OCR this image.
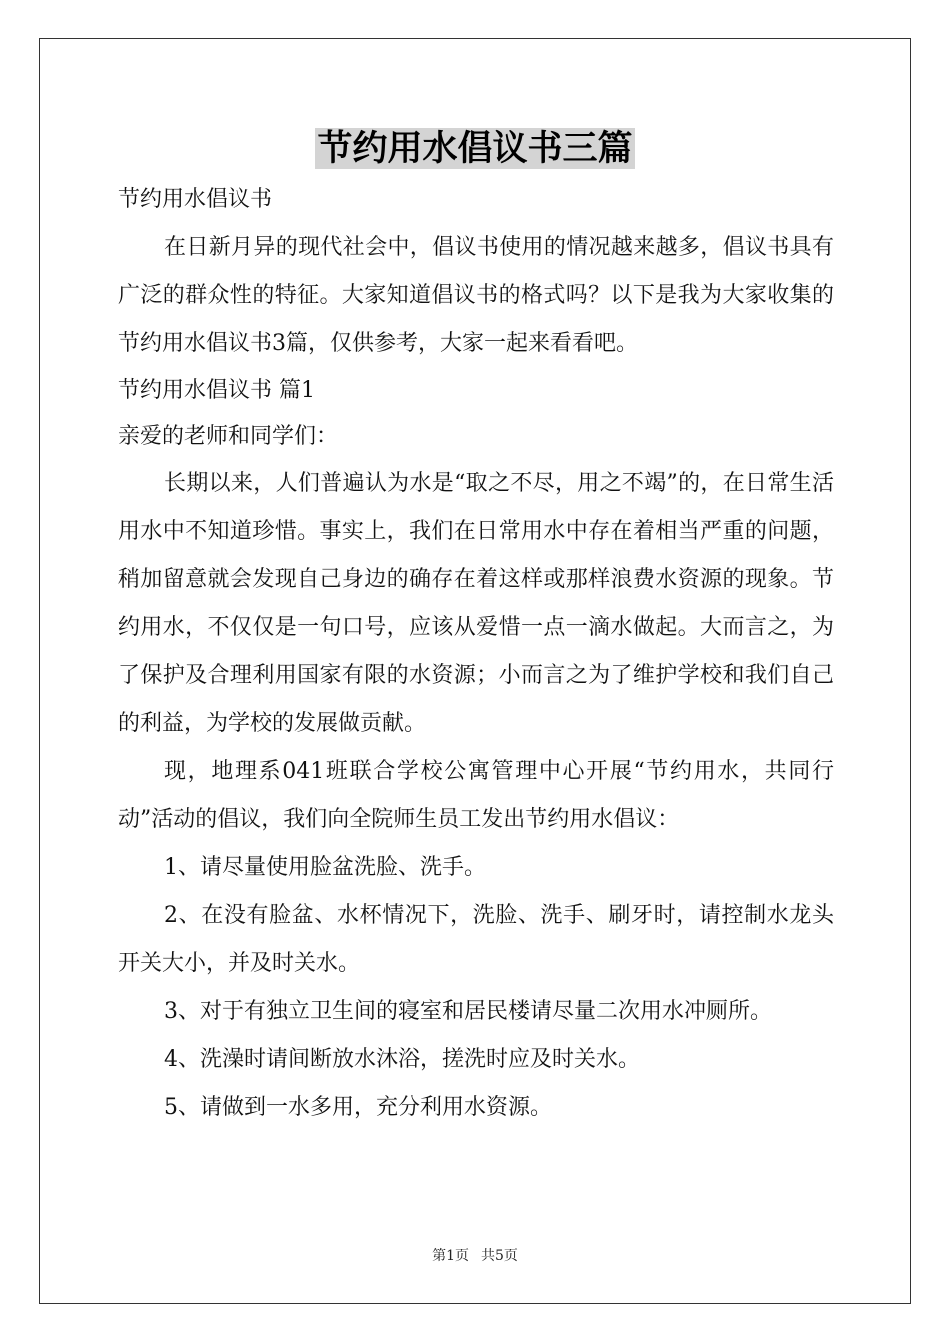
节约用水倡议书三篇

节约用水倡议书

在日新月异的现代社会中，倡议书使用的情况越来越多，倡议书具有广泛的群众性的特征。大家知道倡议书的格式吗？以下是我为大家收集的节约用水倡议书3篇，仅供参考，大家一起来看看吧。

节约用水倡议书 篇1

亲爱的老师和同学们：

长期以来，人们普遍认为水是“取之不尽，用之不竭”的，在日常生活用水中不知道珍惜。事实上，我们在日常用水中存在着相当严重的问题，稍加留意就会发现自己身边的确存在着这样或那样浪费水资源的现象。节约用水，不仅仅是一句口号，应该从爱惜一点一滴水做起。大而言之，为了保护及合理利用国家有限的水资源；小而言之为了维护学校和我们自己的利益，为学校的发展做贡献。

现，地理系041班联合学校公寓管理中心开展“节约用水，共同行动”活动的倡议，我们向全院师生员工发出节约用水倡议：

1、请尽量使用脸盆洗脸、洗手。

2、在没有脸盆、水杯情况下，洗脸、洗手、刷牙时，请控制水龙头开关大小，并及时关水。

3、对于有独立卫生间的寝室和居民楼请尽量二次用水冲厕所。

4、洗澡时请间断放水沐浴，搓洗时应及时关水。

5、请做到一水多用，充分利用水资源。

第1页 共5页
